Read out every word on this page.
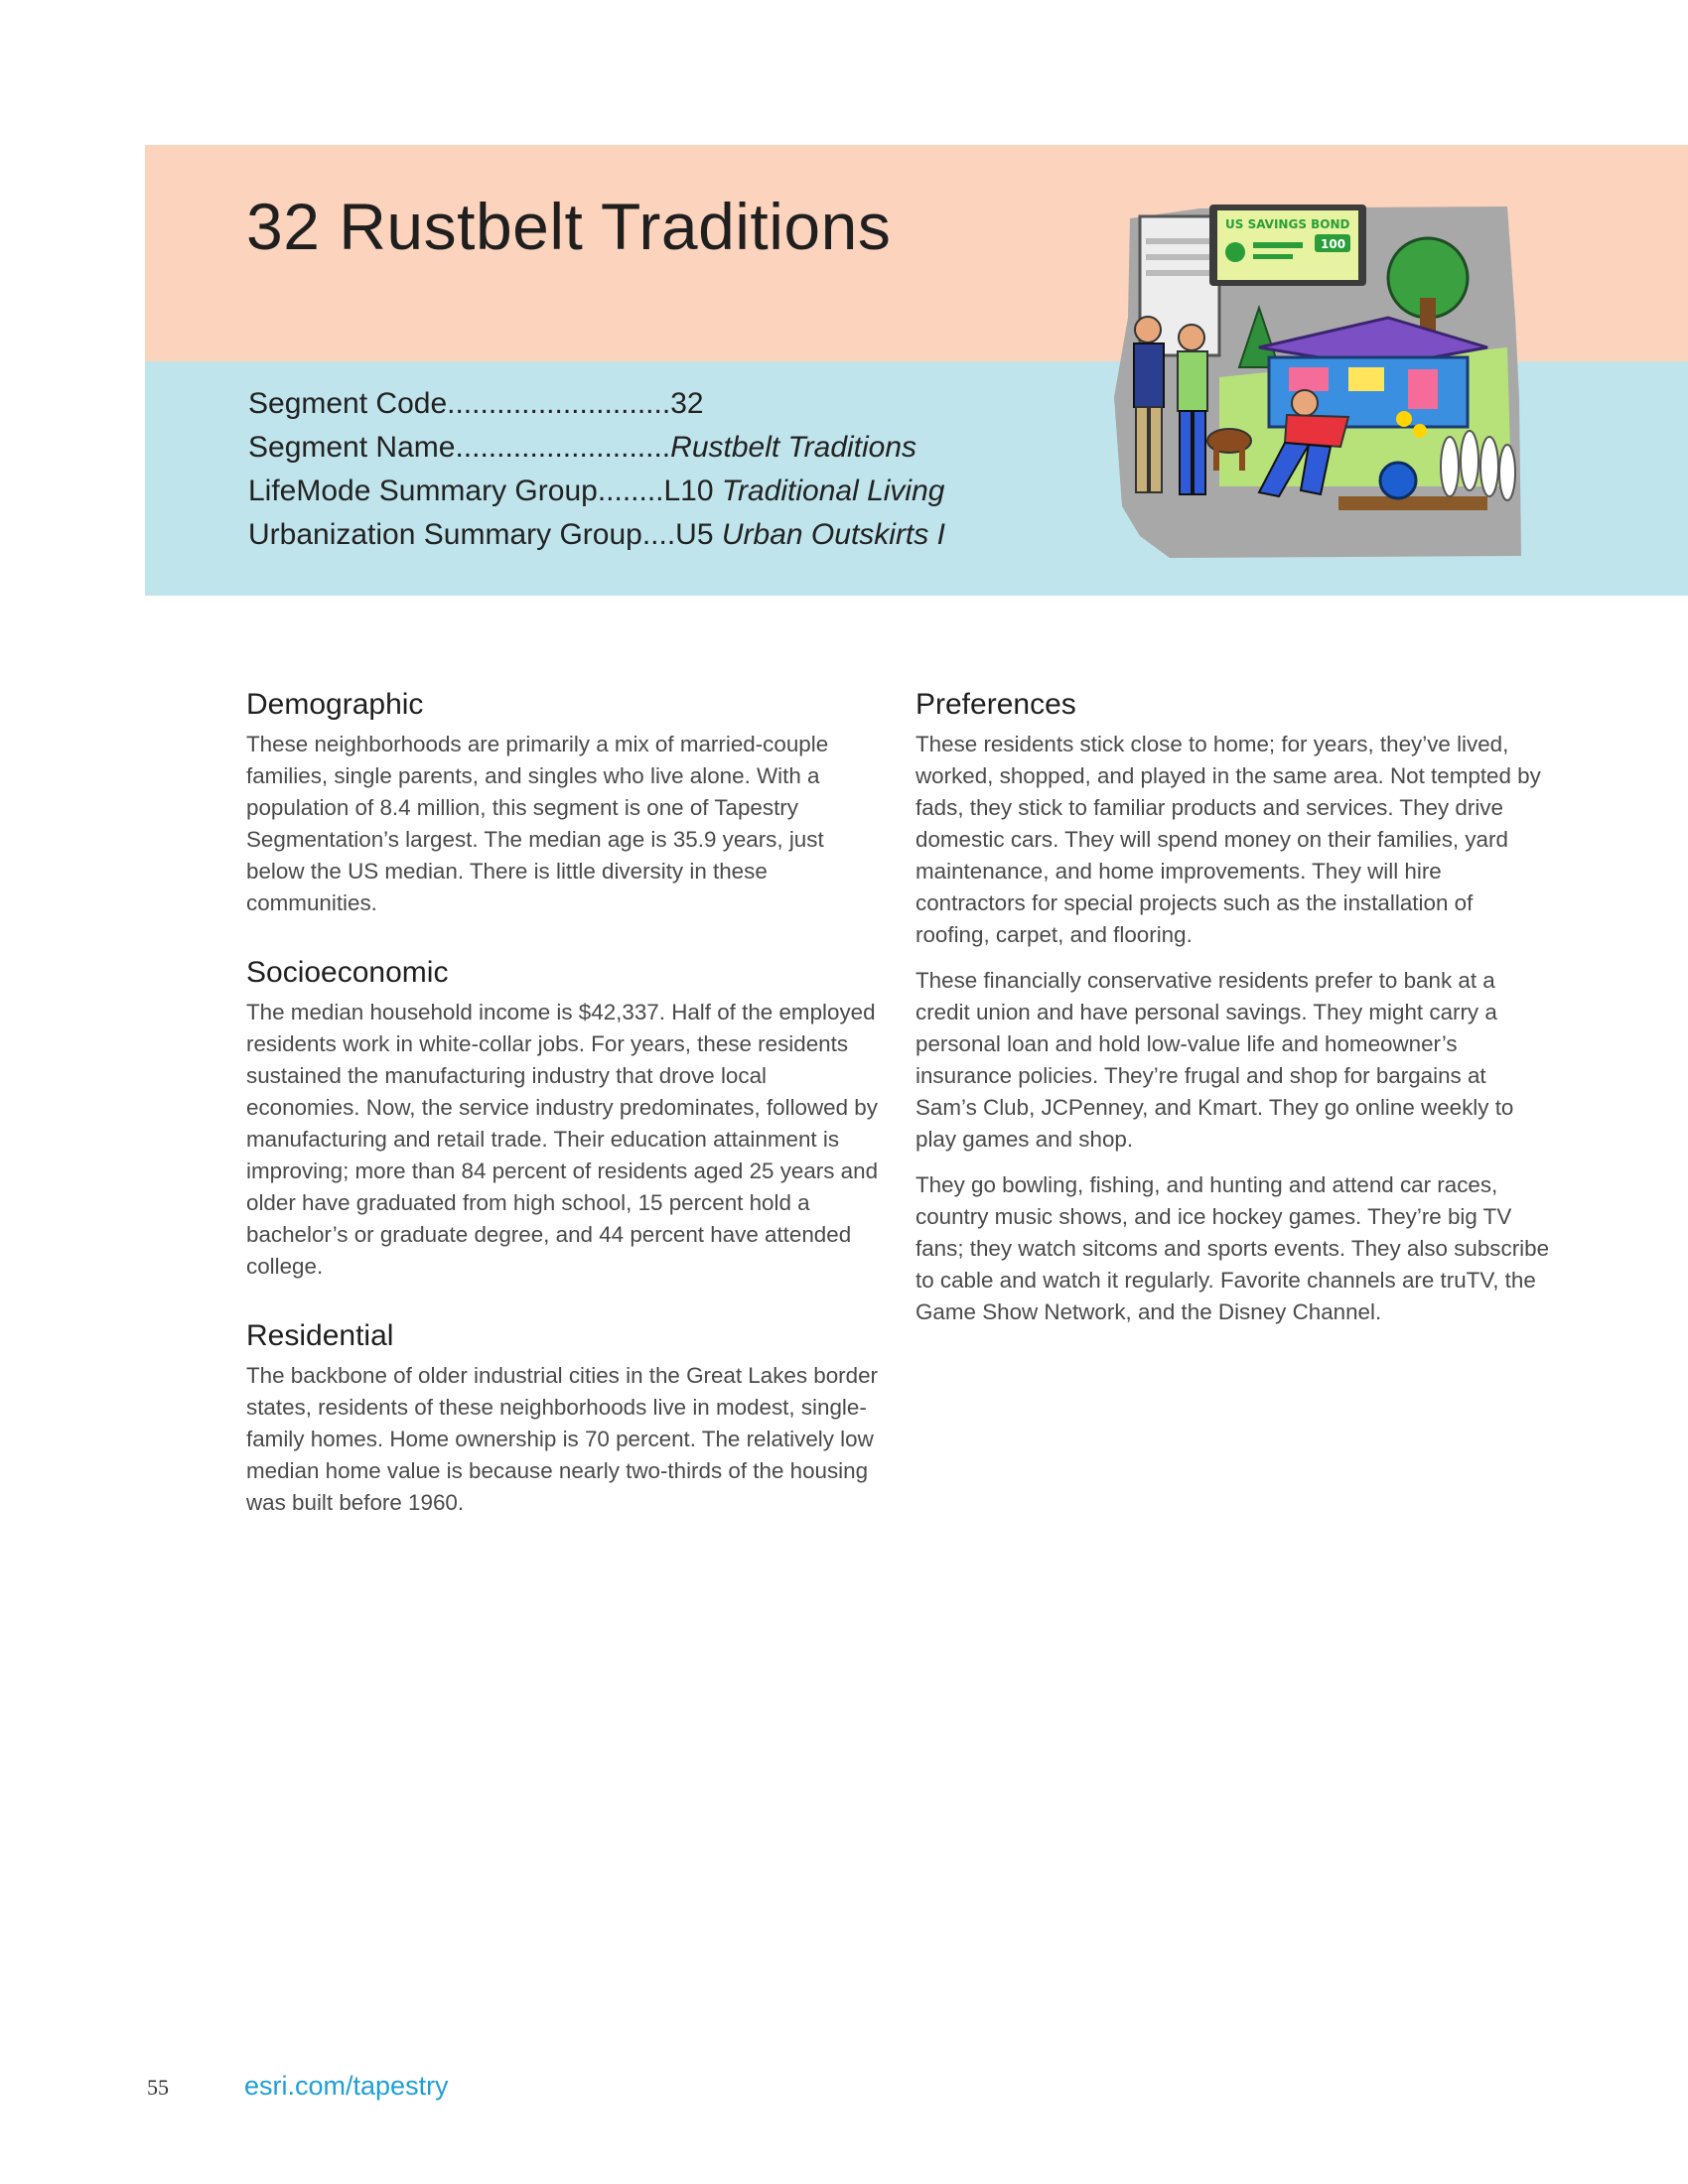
32 Rustbelt Traditions
Segment Code ........................... 32
Segment Name .......................... Rustbelt Traditions
LifeMode Summary Group ........ L10 Traditional Living
Urbanization Summary Group .... U5 Urban Outskirts I
US SAVINGS BOND
100
Demographic

These neighborhoods are primarily a mix of married-couple families, single parents, and singles who live alone. With a population of 8.4 million, this segment is one of Tapestry Segmentation’s largest. The median age is 35.9 years, just below the US median. There is little diversity in these communities.

Socioeconomic

The median household income is $42,337. Half of the employed residents work in white-collar jobs. For years, these residents sustained the manufacturing industry that drove local economies. Now, the service industry predominates, followed by manufacturing and retail trade. Their education attainment is improving; more than 84 percent of residents aged 25 years and older have graduated from high school, 15 percent hold a bachelor’s or graduate degree, and 44 percent have attended college.

Residential

The backbone of older industrial cities in the Great Lakes border states, residents of these neighborhoods live in modest, single-family homes. Home ownership is 70 percent. The relatively low median home value is because nearly two-thirds of the housing was built before 1960.

Preferences

These residents stick close to home; for years, they’ve lived, worked, shopped, and played in the same area. Not tempted by fads, they stick to familiar products and services. They drive domestic cars. They will spend money on their families, yard maintenance, and home improvements. They will hire contractors for special projects such as the installation of roofing, carpet, and flooring.

These financially conservative residents prefer to bank at a credit union and have personal savings. They might carry a personal loan and hold low-value life and homeowner’s insurance policies. They’re frugal and shop for bargains at Sam’s Club, JCPenney, and Kmart. They go online weekly to play games and shop.

They go bowling, fishing, and hunting and attend car races, country music shows, and ice hockey games. They’re big TV fans; they watch sitcoms and sports events. They also subscribe to cable and watch it regularly. Favorite channels are truTV, the Game Show Network, and the Disney Channel.

55	esri.com/tapestry
